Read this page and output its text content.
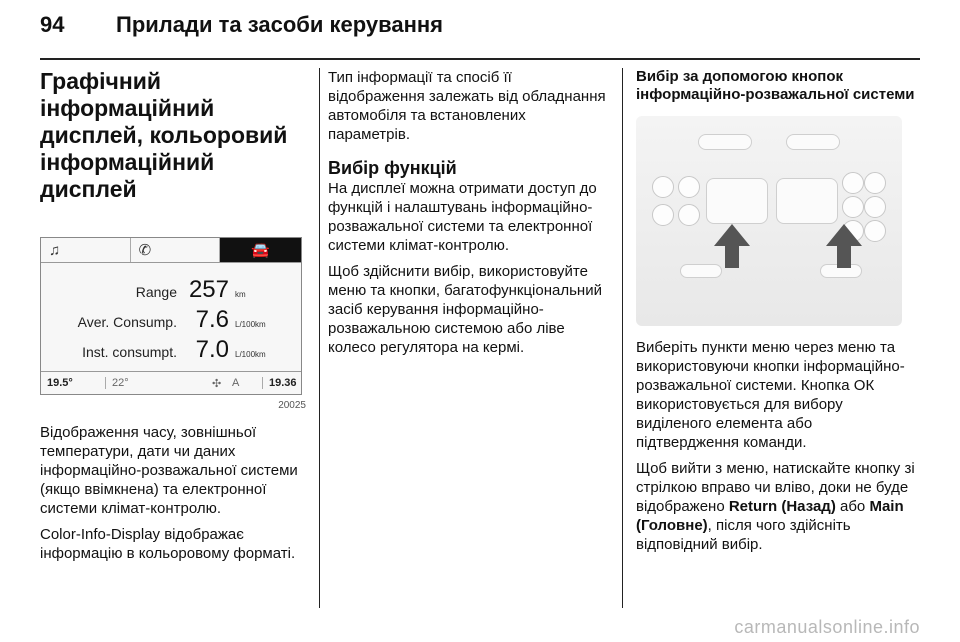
94 Прилади та засоби керування
Графічний інформаційний дисплей, кольоровий інформаційний дисплей
♫	✆	🚘
Range 257 km
Aver. Consump. 7.6 L/100km
Inst. consumpt. 7.0 L/100km
19.5°	22°	✣ A	19.36
20025

Відображення часу, зовнішньої температури, дати чи даних інформаційно-розважальної системи (якщо ввімкнена) та електронної системи клімат-контролю.

Color-Info-Display відображає інформацію в кольоровому форматі.

Тип інформації та спосіб її відображення залежать від обладнання автомобіля та встановлених параметрів.

Вибір функцій

На дисплеї можна отримати доступ до функцій і налаштувань інформаційно-розважальної системи та електронної системи клімат-контролю.

Щоб здійснити вибір, використовуйте меню та кнопки, багатофункціональний засіб керування інформаційно-розважальною системою або ліве колесо регулятора на кермі.

Вибір за допомогою кнопок інформаційно-розважальної системи

Виберіть пункти меню через меню та використовуючи кнопки інформаційно-розважальної системи. Кнопка ОК використовується для вибору виділеного елемента або підтвердження команди.

Щоб вийти з меню, натискайте кнопку зі стрілкою вправо чи вліво, доки не буде відображено Return (Назад) або Main (Головне), після чого здійсніть відповідний вибір.

carmanualsonline.info
